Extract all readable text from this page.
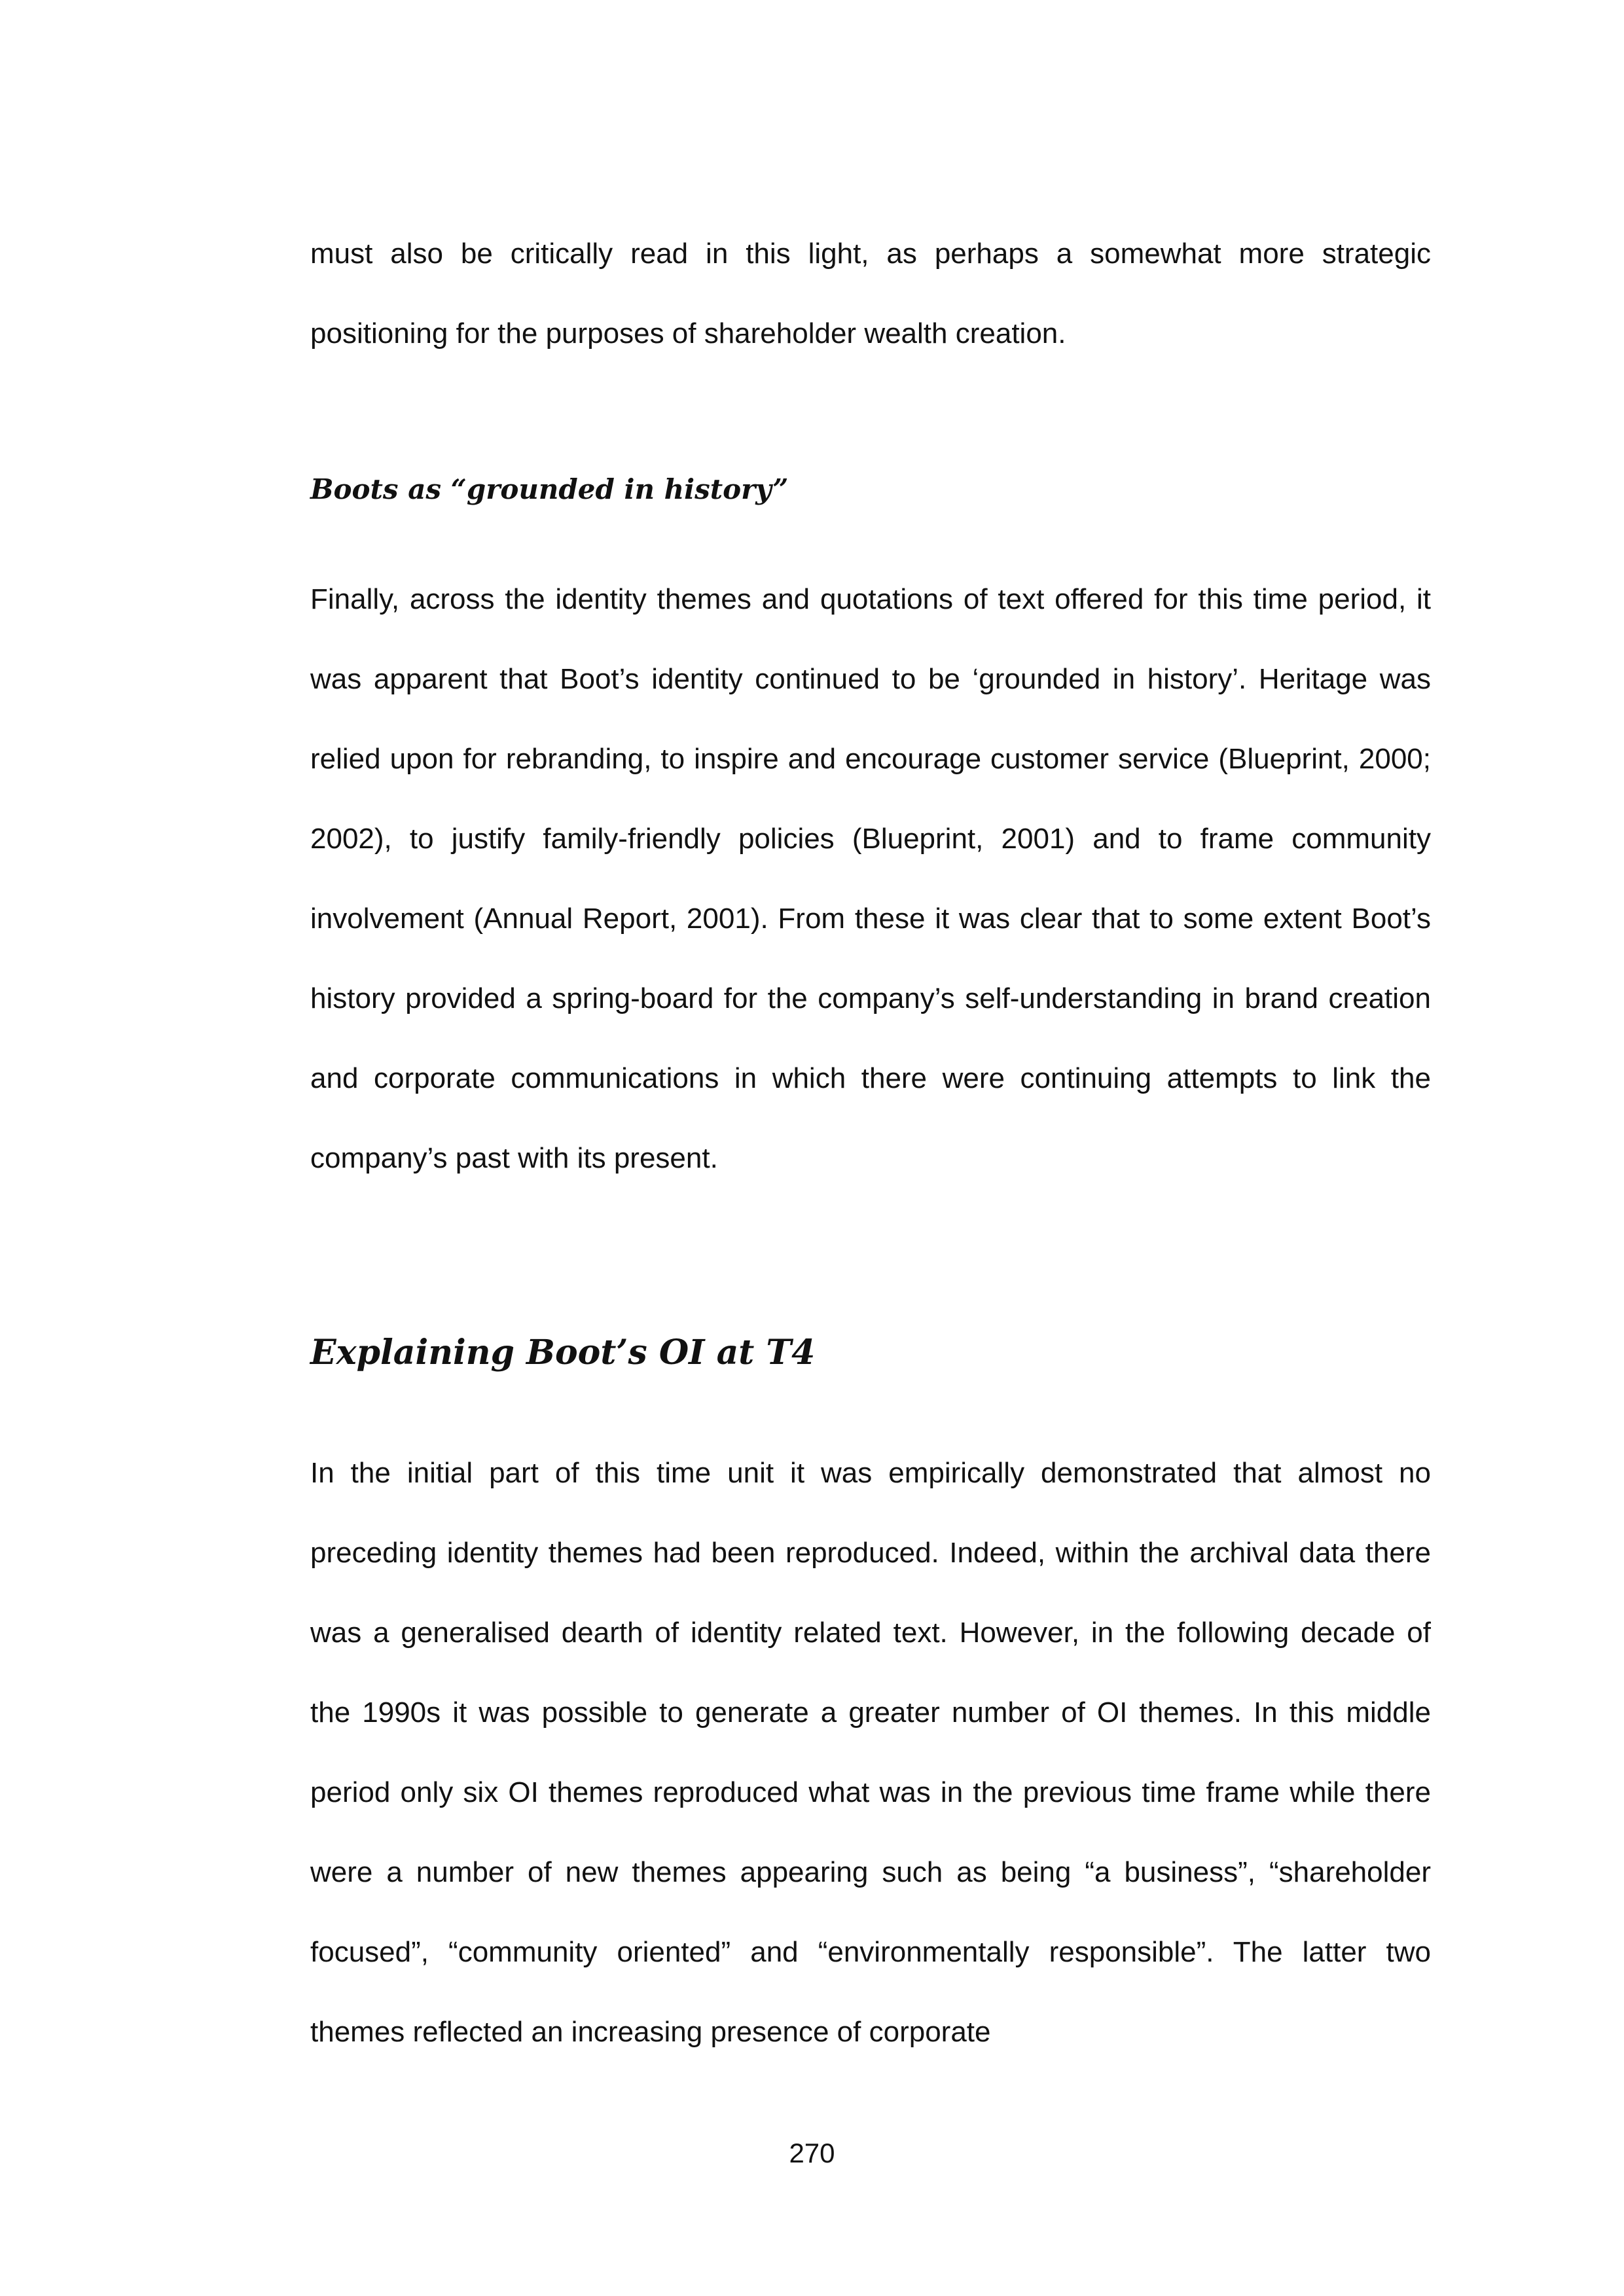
must also be critically read in this light, as perhaps a somewhat more strategic positioning for the purposes of shareholder wealth creation.

Boots as “grounded in history”

Finally, across the identity themes and quotations of text offered for this time period, it was apparent that Boot’s identity continued to be ‘grounded in history’. Heritage was relied upon for rebranding, to inspire and encourage customer service (Blueprint, 2000; 2002), to justify family-friendly policies (Blueprint, 2001) and to frame community involvement (Annual Report, 2001). From these it was clear that to some extent Boot’s history provided a spring-board for the company’s self-understanding in brand creation and corporate communications in which there were continuing attempts to link the company’s past with its present.

Explaining Boot’s OI at T4

In the initial part of this time unit it was empirically demonstrated that almost no preceding identity themes had been reproduced. Indeed, within the archival data there was a generalised dearth of identity related text. However, in the following decade of the 1990s it was possible to generate a greater number of OI themes. In this middle period only six OI themes reproduced what was in the previous time frame while there were a number of new themes appearing such as being “a business”, “shareholder focused”, “community oriented” and “environmentally responsible”. The latter two themes reflected an increasing presence of corporate

270
